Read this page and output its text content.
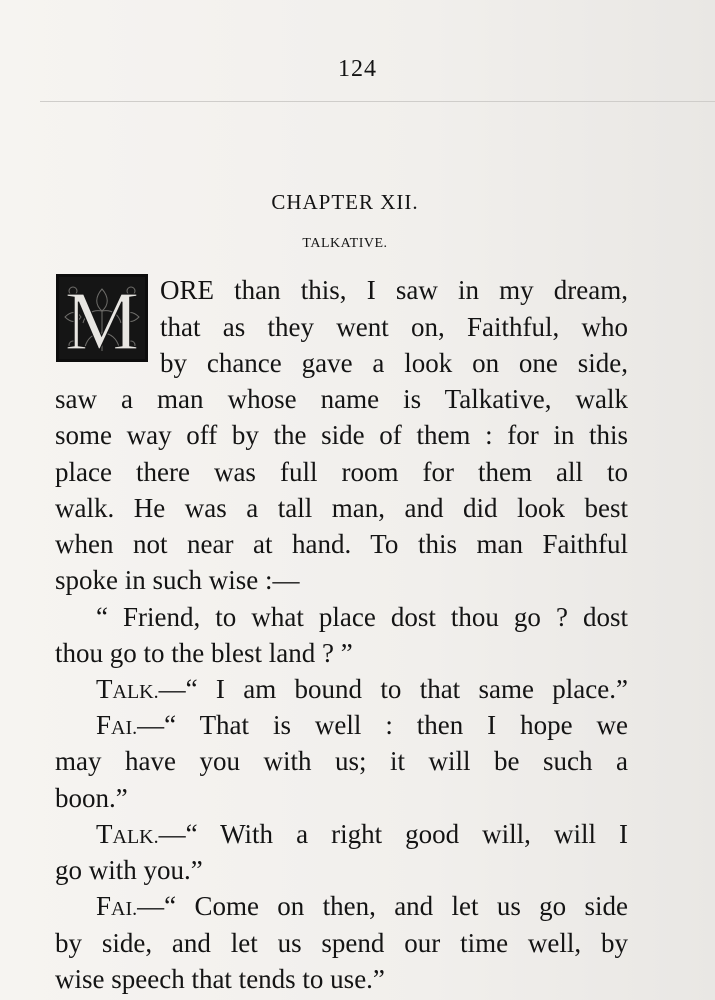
124
CHAPTER XII.
TALKATIVE.
M ORE than this, I saw in my dream,
that as they went on, Faithful, who
by chance gave a look on one side,
saw a man whose name is Talkative, walk
some way off by the side of them : for in this
place there was full room for them all to
walk. He was a tall man, and did look best
when not near at hand. To this man Faithful
spoke in such wise :—
“ Friend, to what place dost thou go ? dost
thou go to the blest land ? ”
TALK.—“ I am bound to that same place.”
FAI.—“ That is well : then I hope we
may have you with us; it will be such a
boon.”
TALK.—“ With a right good will, will I
go with you.”
FAI.—“ Come on then, and let us go side
by side, and let us spend our time well, by
wise speech that tends to use.”
